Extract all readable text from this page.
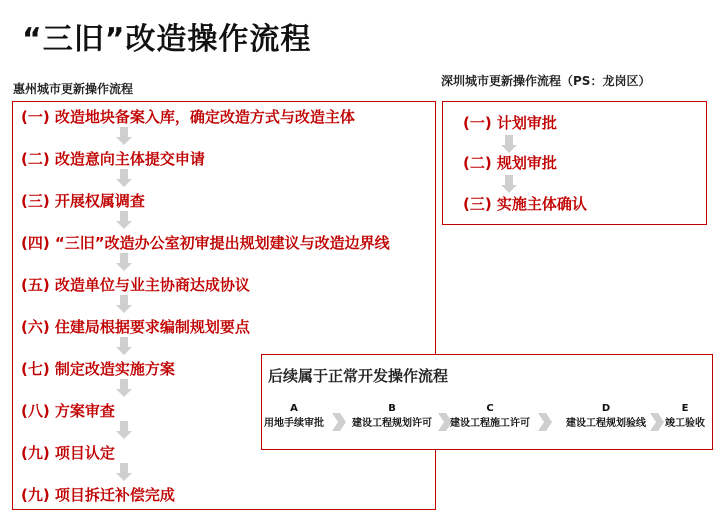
“三旧”改造操作流程
惠州城市更新操作流程
深圳城市更新操作流程（PS：龙岗区）
(一) 改造地块备案入库，确定改造方式与改造主体
(二) 改造意向主体提交申请
(三) 开展权属调查
(四) “三旧”改造办公室初审提出规划建议与改造边界线
(五) 改造单位与业主协商达成协议
(六) 住建局根据要求编制规划要点
(七) 制定改造实施方案
(八) 方案审查
(九) 项目认定
(九) 项目拆迁补偿完成
(一) 计划审批
(二) 规划审批
(三) 实施主体确认
后续属于正常开发操作流程
A
用地手续审批
B
建设工程规划许可
C
建设工程施工许可
D
建设工程规划验线
E
竣工验收
